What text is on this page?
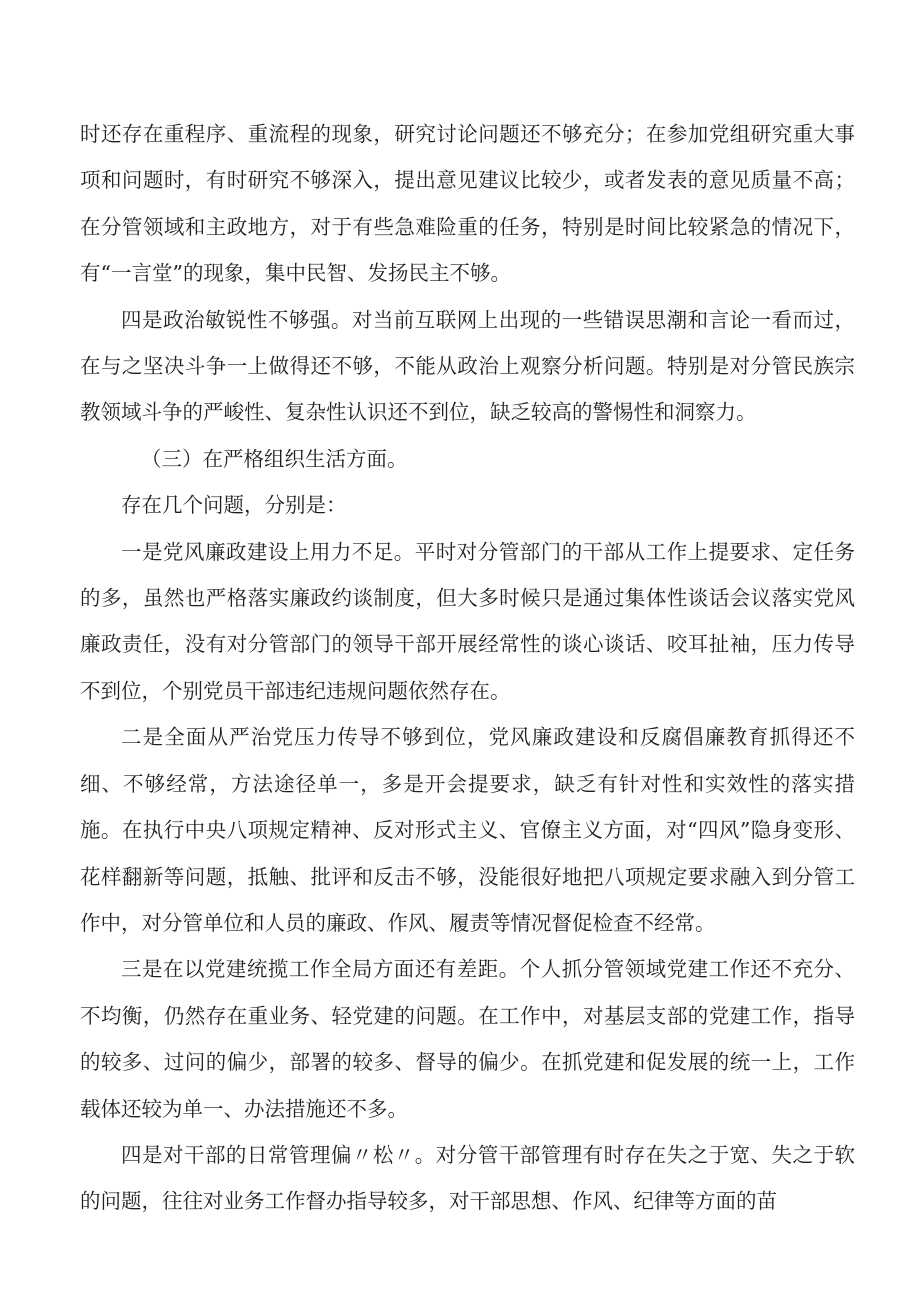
时还存在重程序、重流程的现象，研究讨论问题还不够充分；在参加党组研究重大事项和问题时，有时研究不够深入，提出意见建议比较少，或者发表的意见质量不高；在分管领域和主政地方，对于有些急难险重的任务，特别是时间比较紧急的情况下，有“一言堂”的现象，集中民智、发扬民主不够。

四是政治敏锐性不够强。对当前互联网上出现的一些错误思潮和言论一看而过，在与之坚决斗争一上做得还不够，不能从政治上观察分析问题。特别是对分管民族宗教领域斗争的严峻性、复杂性认识还不到位，缺乏较高的警惕性和洞察力。

（三）在严格组织生活方面。

存在几个问题，分别是：

一是党风廉政建设上用力不足。平时对分管部门的干部从工作上提要求、定任务的多，虽然也严格落实廉政约谈制度，但大多时候只是通过集体性谈话会议落实党风廉政责任，没有对分管部门的领导干部开展经常性的谈心谈话、咬耳扯袖，压力传导不到位，个别党员干部违纪违规问题依然存在。

二是全面从严治党压力传导不够到位，党风廉政建设和反腐倡廉教育抓得还不细、不够经常，方法途径单一，多是开会提要求，缺乏有针对性和实效性的落实措施。在执行中央八项规定精神、反对形式主义、官僚主义方面，对“四风”隐身变形、花样翻新等问题，抵触、批评和反击不够，没能很好地把八项规定要求融入到分管工作中，对分管单位和人员的廉政、作风、履责等情况督促检查不经常。

三是在以党建统揽工作全局方面还有差距。个人抓分管领域党建工作还不充分、不均衡，仍然存在重业务、轻党建的问题。在工作中，对基层支部的党建工作，指导的较多、过问的偏少，部署的较多、督导的偏少。在抓党建和促发展的统一上，工作载体还较为单一、办法措施还不多。

四是对干部的日常管理偏〃松〃。对分管干部管理有时存在失之于宽、失之于软的问题，往往对业务工作督办指导较多，对干部思想、作风、纪律等方面的苗
